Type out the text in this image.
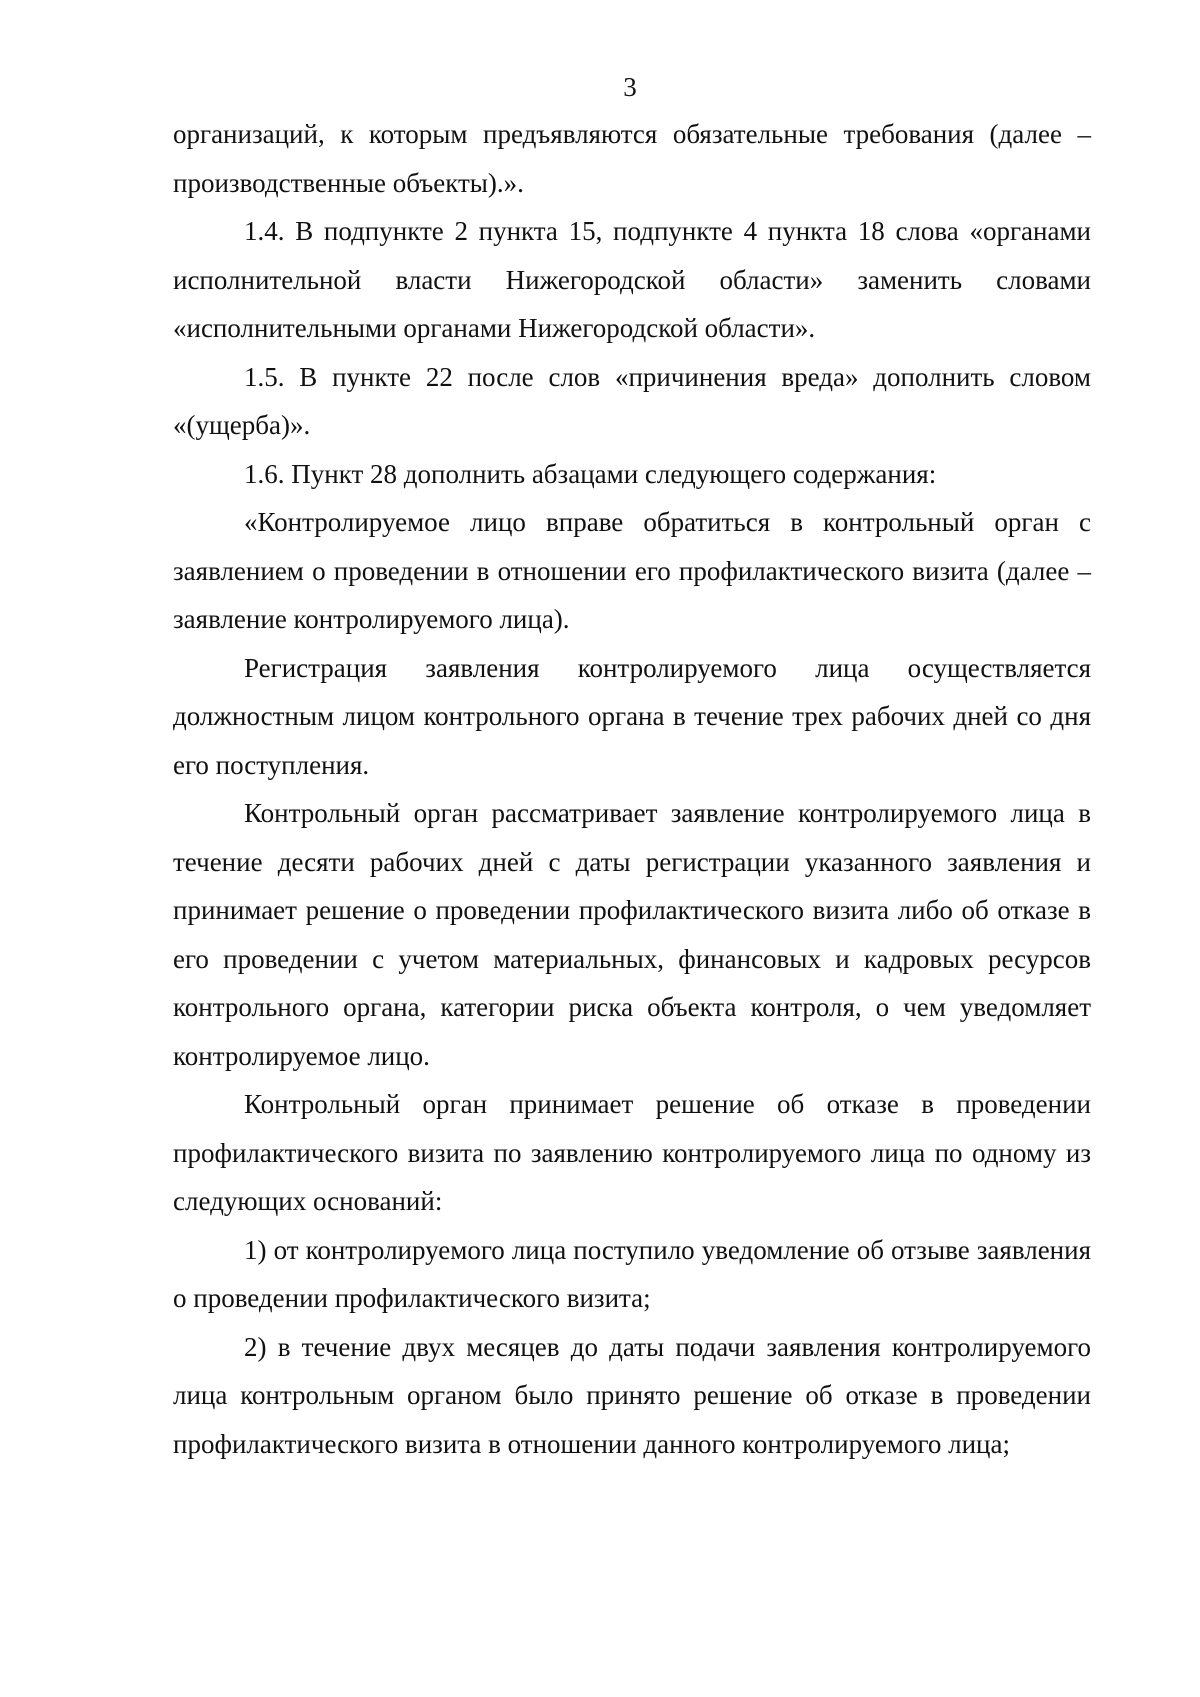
3

организаций, к которым предъявляются обязательные требования (далее – производственные объекты).».

1.4. В подпункте 2 пункта 15, подпункте 4 пункта 18 слова «органами исполнительной власти Нижегородской области» заменить словами «исполнительными органами Нижегородской области».

1.5. В пункте 22 после слов «причинения вреда» дополнить словом «(ущерба)».

1.6. Пункт 28 дополнить абзацами следующего содержания:

«Контролируемое лицо вправе обратиться в контрольный орган с заявлением о проведении в отношении его профилактического визита (далее – заявление контролируемого лица).

Регистрация заявления контролируемого лица осуществляется должностным лицом контрольного органа в течение трех рабочих дней со дня его поступления.

Контрольный орган рассматривает заявление контролируемого лица в течение десяти рабочих дней с даты регистрации указанного заявления и принимает решение о проведении профилактического визита либо об отказе в его проведении с учетом материальных, финансовых и кадровых ресурсов контрольного органа, категории риска объекта контроля, о чем уведомляет контролируемое лицо.

Контрольный орган принимает решение об отказе в проведении профилактического визита по заявлению контролируемого лица по одному из следующих оснований:

1) от контролируемого лица поступило уведомление об отзыве заявления о проведении профилактического визита;

2) в течение двух месяцев до даты подачи заявления контролируемого лица контрольным органом было принято решение об отказе в проведении профилактического визита в отношении данного контролируемого лица;
